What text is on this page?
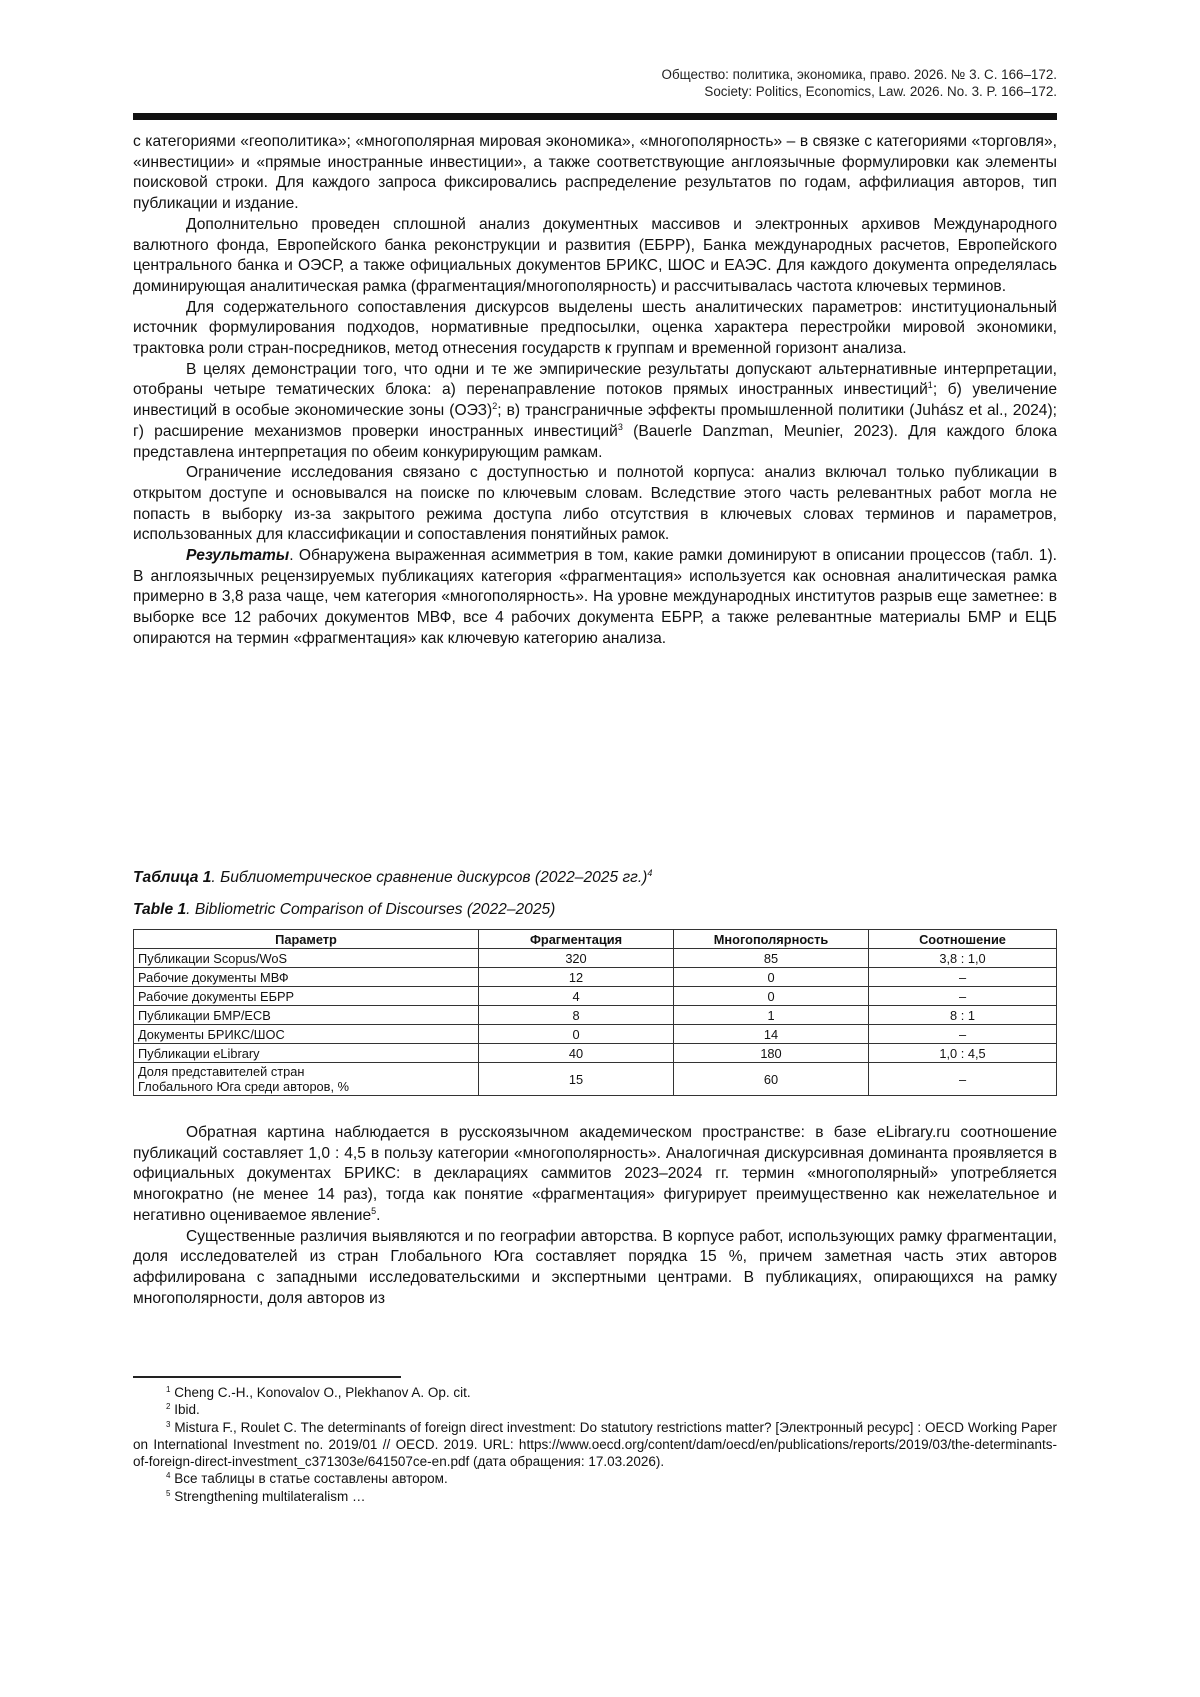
Общество: политика, экономика, право. 2026. № 3. С. 166–172.
Society: Politics, Economics, Law. 2026. No. 3. P. 166–172.

с категориями «геополитика»; «многополярная мировая экономика», «многополярность» – в связке с категориями «торговля», «инвестиции» и «прямые иностранные инвестиции», а также соответствующие англоязычные формулировки как элементы поисковой строки. Для каждого запроса фиксировались распределение результатов по годам, аффилиация авторов, тип публикации и издание.

Дополнительно проведен сплошной анализ документных массивов и электронных архивов Международного валютного фонда, Европейского банка реконструкции и развития (ЕБРР), Банка международных расчетов, Европейского центрального банка и ОЭСР, а также официальных документов БРИКС, ШОС и ЕАЭС. Для каждого документа определялась доминирующая аналитическая рамка (фрагментация/многополярность) и рассчитывалась частота ключевых терминов.

Для содержательного сопоставления дискурсов выделены шесть аналитических параметров: институциональный источник формулирования подходов, нормативные предпосылки, оценка характера перестройки мировой экономики, трактовка роли стран-посредников, метод отнесения государств к группам и временной горизонт анализа.

В целях демонстрации того, что одни и те же эмпирические результаты допускают альтернативные интерпретации, отобраны четыре тематических блока: а) перенаправление потоков прямых иностранных инвестиций$^1$; б) увеличение инвестиций в особые экономические зоны (ОЭЗ)$^2$; в) трансграничные эффекты промышленной политики (Juhász et al., 2024); г) расширение механизмов проверки иностранных инвестиций$^3$ (Bauerle Danzman, Meunier, 2023). Для каждого блока представлена интерпретация по обеим конкурирующим рамкам.

Ограничение исследования связано с доступностью и полнотой корпуса: анализ включал только публикации в открытом доступе и основывался на поиске по ключевым словам. Вследствие этого часть релевантных работ могла не попасть в выборку из-за закрытого режима доступа либо отсутствия в ключевых словах терминов и параметров, использованных для классификации и сопоставления понятийных рамок.

Результаты. Обнаружена выраженная асимметрия в том, какие рамки доминируют в описании процессов (табл. 1). В англоязычных рецензируемых публикациях категория «фрагментация» используется как основная аналитическая рамка примерно в 3,8 раза чаще, чем категория «многополярность». На уровне международных институтов разрыв еще заметнее: в выборке все 12 рабочих документов МВФ, все 4 рабочих документа ЕБРР, а также релевантные материалы БМР и ЕЦБ опираются на термин «фрагментация» как ключевую категорию анализа.

Таблица 1. Библиометрическое сравнение дискурсов (2022–2025 гг.)$^4$
Table 1. Bibliometric Comparison of Discourses (2022–2025)
Параметр	Фрагментация	Многополярность	Соотношение
Публикации Scopus/WoS	320	85	3,8 : 1,0
Рабочие документы МВФ	12	0	–
Рабочие документы ЕБРР	4	0	–
Публикации БМР/ЕСВ	8	1	8 : 1
Документы БРИКС/ШОС	0	14	–
Публикации eLibrary	40	180	1,0 : 4,5

Доля представителей стран
Глобального Юга среди авторов, %	15	60	–

Обратная картина наблюдается в русскоязычном академическом пространстве: в базе eLibrary.ru соотношение публикаций составляет 1,0 : 4,5 в пользу категории «многополярность». Аналогичная дискурсивная доминанта проявляется в официальных документах БРИКС: в декларациях саммитов 2023–2024 гг. термин «многополярный» употребляется многократно (не менее 14 раз), тогда как понятие «фрагментация» фигурирует преимущественно как нежелательное и негативно оцениваемое явление$^5$.

Существенные различия выявляются и по географии авторства. В корпусе работ, использующих рамку фрагментации, доля исследователей из стран Глобального Юга составляет порядка 15 %, причем заметная часть этих авторов аффилирована с западными исследовательскими и экспертными центрами. В публикациях, опирающихся на рамку многополярности, доля авторов из

$^1$ Cheng C.-H., Konovalov O., Plekhanov A. Op. cit.

$^2$ Ibid.

$^3$ Mistura F., Roulet C. The determinants of foreign direct investment: Do statutory restrictions matter? [Электронный ресурс] : OECD Working Paper on International Investment no. 2019/01 // OECD. 2019. URL: https://www.oecd.org/content/dam/oecd/en/publications/reports/2019/03/the-determinants-of-foreign-direct-investment_c371303e/641507ce-en.pdf (дата обращения: 17.03.2026).

$^4$ Все таблицы в статье составлены автором.

$^5$ Strengthening multilateralism …
